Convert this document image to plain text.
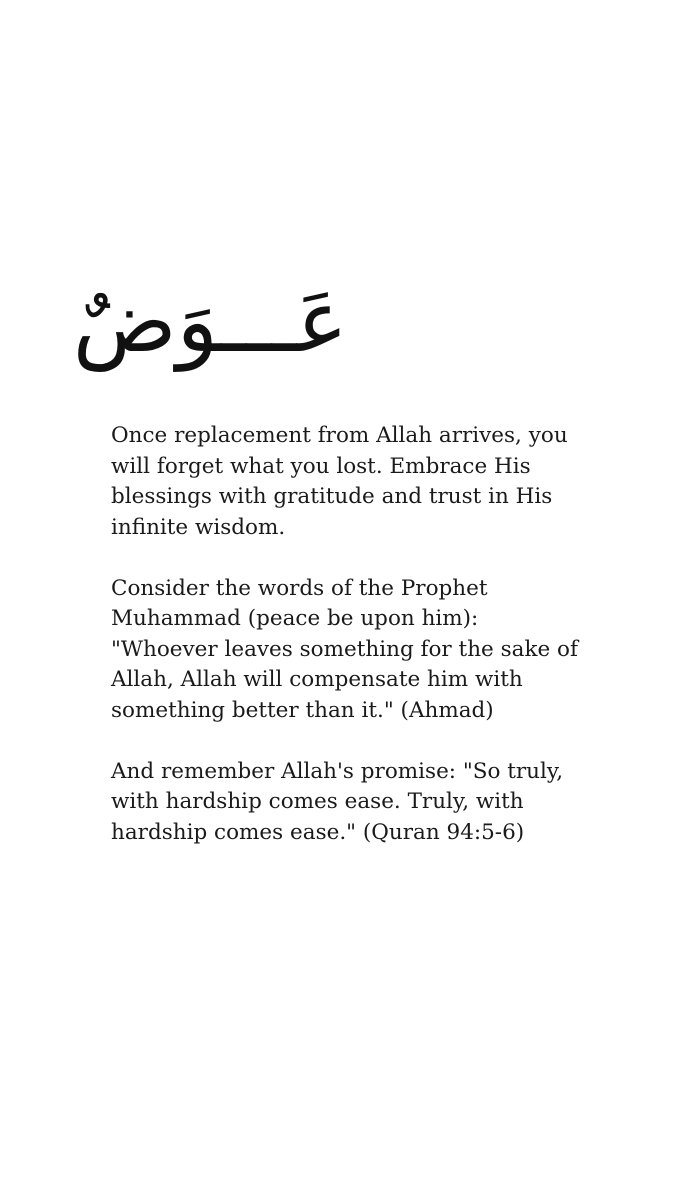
عَـــوَضٌ

Once replacement from Allah arrives, you will forget what you lost. Embrace His blessings with gratitude and trust in His infinite wisdom.

Consider the words of the Prophet Muhammad (peace be upon him): "Whoever leaves something for the sake of Allah, Allah will compensate him with something better than it." (Ahmad)

And remember Allah's promise: "So truly, with hardship comes ease. Truly, with hardship comes ease." (Quran 94:5-6)
